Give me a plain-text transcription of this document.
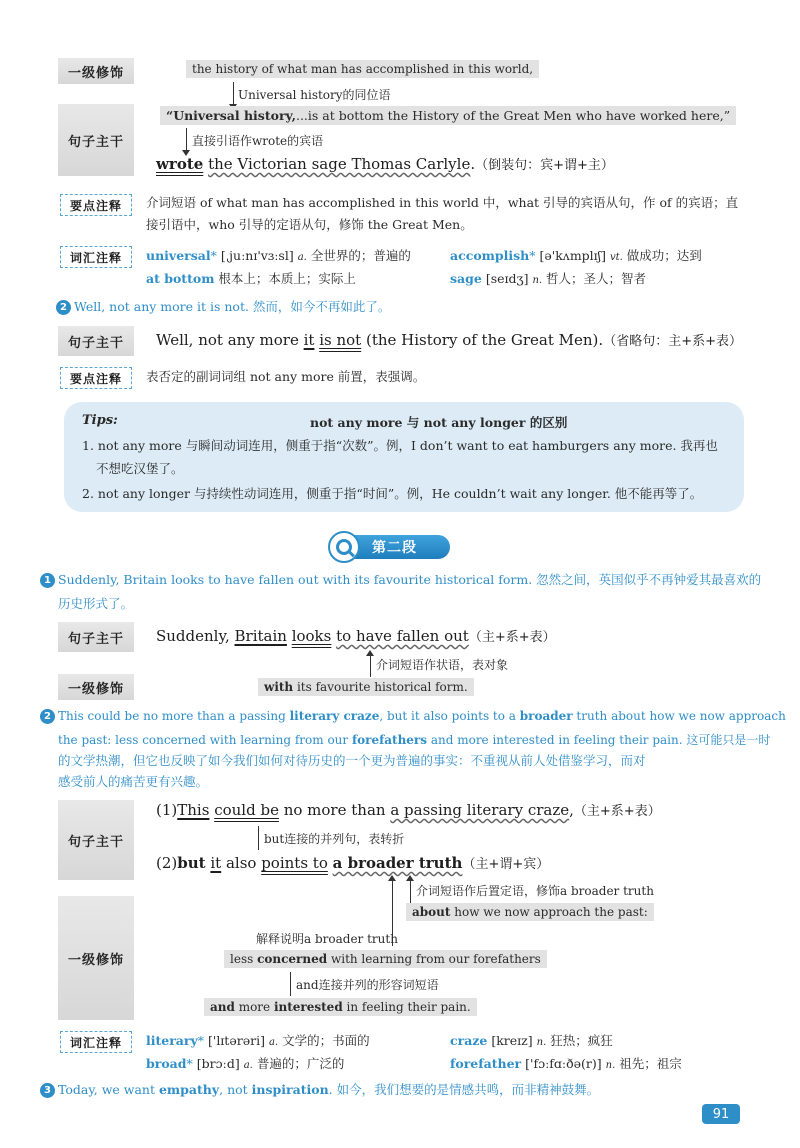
一级修饰	the history of what man has accomplished in this world,
Universal history的同位语
句子主干
“Universal history,...is at bottom the History of the Great Men who have worked here,”
直接引语作wrote的宾语
wrote the Victorian sage Thomas Carlyle.（倒装句：宾+谓+主）
要点注释	介词短语 of what man has accomplished in this world 中，what 引导的宾语从句，作 of 的宾语；直接引语中，who 引导的定语从句，修饰 the Great Men。
词汇注释	universal* [ˌjuːnɪ'vɜːsl] a. 全世界的；普遍的	accomplish* [ə'kʌmplɪʃ] vt. 做成功；达到
at bottom 根本上；本质上；实际上	sage [seɪdʒ] n. 哲人；圣人；智者
2 Well, not any more it is not. 然而，如今不再如此了。
句子主干	Well, not any more it is not (the History of the Great Men).（省略句：主+系+表）
要点注释	表否定的副词词组 not any more 前置，表强调。
Tips:	not any more 与 not any longer 的区别
1. not any more 与瞬间动词连用，侧重于指“次数”。例，I don’t want to eat hamburgers any more. 我再也
不想吃汉堡了。
2. not any longer 与持续性动词连用，侧重于指“时间”。例，He couldn’t wait any longer. 他不能再等了。
第二段
1 Suddenly, Britain looks to have fallen out with its favourite historical form. 忽然之间，英国似乎不再钟爱其最喜欢的
历史形式了。
句子主干	Suddenly, Britain looks to have fallen out（主+系+表）
介词短语作状语，表对象
一级修饰	with its favourite historical form.
2 This could be no more than a passing literary craze, but it also points to a broader truth about how we now approach
the past: less concerned with learning from our forefathers and more interested in feeling their pain. 这可能只是一时
的文学热潮，但它也反映了如今我们如何对待历史的一个更为普遍的事实：不重视从前人处借鉴学习，而对
感受前人的痛苦更有兴趣。
句子主干
(1)This could be no more than a passing literary craze,（主+系+表）
but连接的并列句，表转折
(2)but it also points to a broader truth（主+谓+宾）
介词短语作后置定语，修饰a broader truth
about how we now approach the past:
一级修饰
解释说明a broader truth
less concerned with learning from our forefathers
and连接并列的形容词短语
and more interested in feeling their pain.
词汇注释	literary* ['lɪtərəri] a. 文学的；书面的	craze [kreɪz] n. 狂热；疯狂
broad* [brɔːd] a. 普遍的；广泛的	forefather ['fɔːfɑːðə(r)] n. 祖先；祖宗
3 Today, we want empathy, not inspiration. 如今，我们想要的是情感共鸣，而非精神鼓舞。
91
